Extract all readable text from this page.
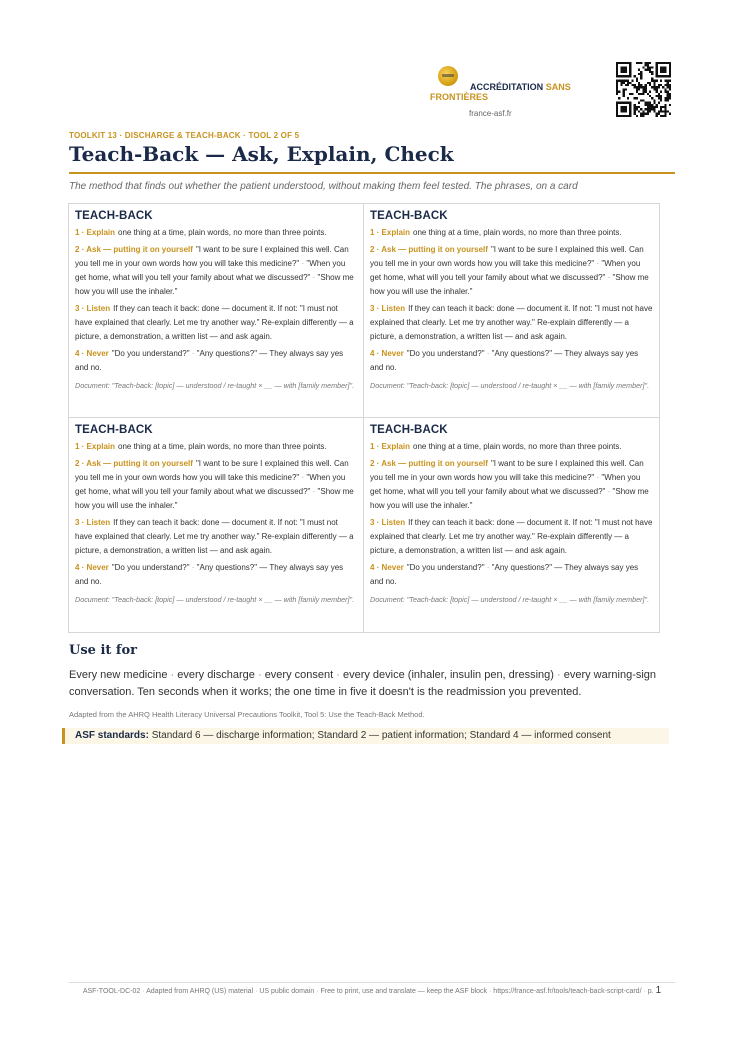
ACCRÉDITATION SANS
FRONTIÈRES
france-asf.fr
TOOLKIT 13 · DISCHARGE & TEACH-BACK · TOOL 2 OF 5
Teach-Back — Ask, Explain, Check
The method that finds out whether the patient understood, without making them feel tested. The phrases, on a card
TEACH-BACK
1 · Explain one thing at a time, plain words, no more than three points.
2 · Ask — putting it on yourself "I want to be sure I explained this well. Can you tell me in your own words how you will take this medicine?" · "When you get home, what will you tell your family about what we discussed?" · "Show me how you will use the inhaler."
3 · Listen If they can teach it back: done — document it. If not: "I must not have explained that clearly. Let me try another way." Re-explain differently — a picture, a demonstration, a written list — and ask again.
4 · Never "Do you understand?" · "Any questions?" — They always say yes and no.
Document: "Teach-back: [topic] — understood / re-taught × __ — with [family member]".
TEACH-BACK
1 · Explain one thing at a time, plain words, no more than three points.
2 · Ask — putting it on yourself "I want to be sure I explained this well. Can you tell me in your own words how you will take this medicine?" · "When you get home, what will you tell your family about what we discussed?" · "Show me how you will use the inhaler."
3 · Listen If they can teach it back: done — document it. If not: "I must not have explained that clearly. Let me try another way." Re-explain differently — a picture, a demonstration, a written list — and ask again.
4 · Never "Do you understand?" · "Any questions?" — They always say yes and no.
Document: "Teach-back: [topic] — understood / re-taught × __ — with [family member]".
TEACH-BACK
1 · Explain one thing at a time, plain words, no more than three points.
2 · Ask — putting it on yourself "I want to be sure I explained this well. Can you tell me in your own words how you will take this medicine?" · "When you get home, what will you tell your family about what we discussed?" · "Show me how you will use the inhaler."
3 · Listen If they can teach it back: done — document it. If not: "I must not have explained that clearly. Let me try another way." Re-explain differently — a picture, a demonstration, a written list — and ask again.
4 · Never "Do you understand?" · "Any questions?" — They always say yes and no.
Document: "Teach-back: [topic] — understood / re-taught × __ — with [family member]".
TEACH-BACK
1 · Explain one thing at a time, plain words, no more than three points.
2 · Ask — putting it on yourself "I want to be sure I explained this well. Can you tell me in your own words how you will take this medicine?" · "When you get home, what will you tell your family about what we discussed?" · "Show me how you will use the inhaler."
3 · Listen If they can teach it back: done — document it. If not: "I must not have explained that clearly. Let me try another way." Re-explain differently — a picture, a demonstration, a written list — and ask again.
4 · Never "Do you understand?" · "Any questions?" — They always say yes and no.
Document: "Teach-back: [topic] — understood / re-taught × __ — with [family member]".
Use it for
Every new medicine · every discharge · every consent · every device (inhaler, insulin pen, dressing) · every warning-sign conversation. Ten seconds when it works; the one time in five it doesn't is the readmission you prevented.
Adapted from the AHRQ Health Literacy Universal Precautions Toolkit, Tool 5: Use the Teach-Back Method.
ASF standards: Standard 6 — discharge information; Standard 2 — patient information; Standard 4 — informed consent
ASF-TOOL-DC-02 · Adapted from AHRQ (US) material · US public domain · Free to print, use and translate — keep the ASF block · https://france-asf.fr/tools/teach-back-script-card/ · p. 1
